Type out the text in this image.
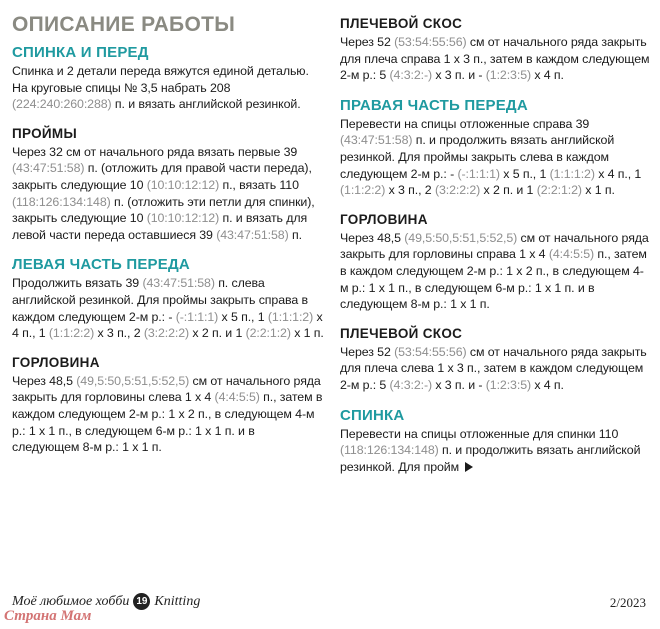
ОПИСАНИЕ РАБОТЫ
СПИНКА И ПЕРЕД

Спинка и 2 детали переда вяжутся единой деталью.
На круговые спицы № 3,5 набрать 208 (224:240:260:288) п. и вязать английской резинкой.

ПРОЙМЫ

Через 32 см от начального ряда вязать первые 39 (43:47:51:58) п. (отложить для правой части переда), закрыть следующие 10 (10:10:12:12) п., вязать 110 (118:126:134:148) п. (отложить эти петли для спинки), закрыть следующие 10 (10:10:12:12) п. и вязать для левой части переда оставшиеся 39 (43:47:51:58) п.

ЛЕВАЯ ЧАСТЬ ПЕРЕДА

Продолжить вязать 39 (43:47:51:58) п. слева английской резинкой. Для проймы закрыть справа в каждом следующем 2-м р.: - (-:1:1:1) х 5 п., 1 (1:1:1:2) х 4 п., 1 (1:1:2:2) х 3 п., 2 (3:2:2:2) х 2 п. и 1 (2:2:1:2) х 1 п.

ГОРЛОВИНА

Через 48,5 (49,5:50,5:51,5:52,5) см от начального ряда закрыть для горловины слева 1 х 4 (4:4:5:5) п., затем в каждом следующем 2-м р.: 1 х 2 п., в следующем 4-м р.: 1 х 1 п., в следующем 6-м р.: 1 х 1 п. и в следующем 8-м р.: 1 х 1 п.

ПЛЕЧЕВОЙ СКОС

Через 52 (53:54:55:56) см от начального ряда закрыть для плеча справа 1 х 3 п., затем в каждом следующем 2-м р.: 5 (4:3:2:-) х 3 п. и - (1:2:3:5) х 4 п.

ПРАВАЯ ЧАСТЬ ПЕРЕДА

Перевести на спицы отложенные справа 39 (43:47:51:58) п. и продолжить вязать английской резинкой. Для проймы закрыть слева в каждом следующем 2-м р.: - (-:1:1:1) х 5 п., 1 (1:1:1:2) х 4 п., 1 (1:1:2:2) х 3 п., 2 (3:2:2:2) х 2 п. и 1 (2:2:1:2) х 1 п.

ГОРЛОВИНА

Через 48,5 (49,5:50,5:51,5:52,5) см от начального ряда закрыть для горловины справа 1 х 4 (4:4:5:5) п., затем в каждом следующем 2-м р.: 1 х 2 п., в следующем 4-м р.: 1 х 1 п., в следующем 6-м р.: 1 х 1 п. и в следующем 8-м р.: 1 х 1 п.

ПЛЕЧЕВОЙ СКОС

Через 52 (53:54:55:56) см от начального ряда закрыть для плеча слева 1 х 3 п., затем в каждом следующем 2-м р.: 5 (4:3:2:-) х 3 п. и - (1:2:3:5) х 4 п.

СПИНКА

Перевести на спицы отложенные для спинки 110 (118:126:134:148) п. и продолжить вязать английской резинкой. Для пройм

Моё любимое хобби 19 Knitting	2/2023
Страна Мам
